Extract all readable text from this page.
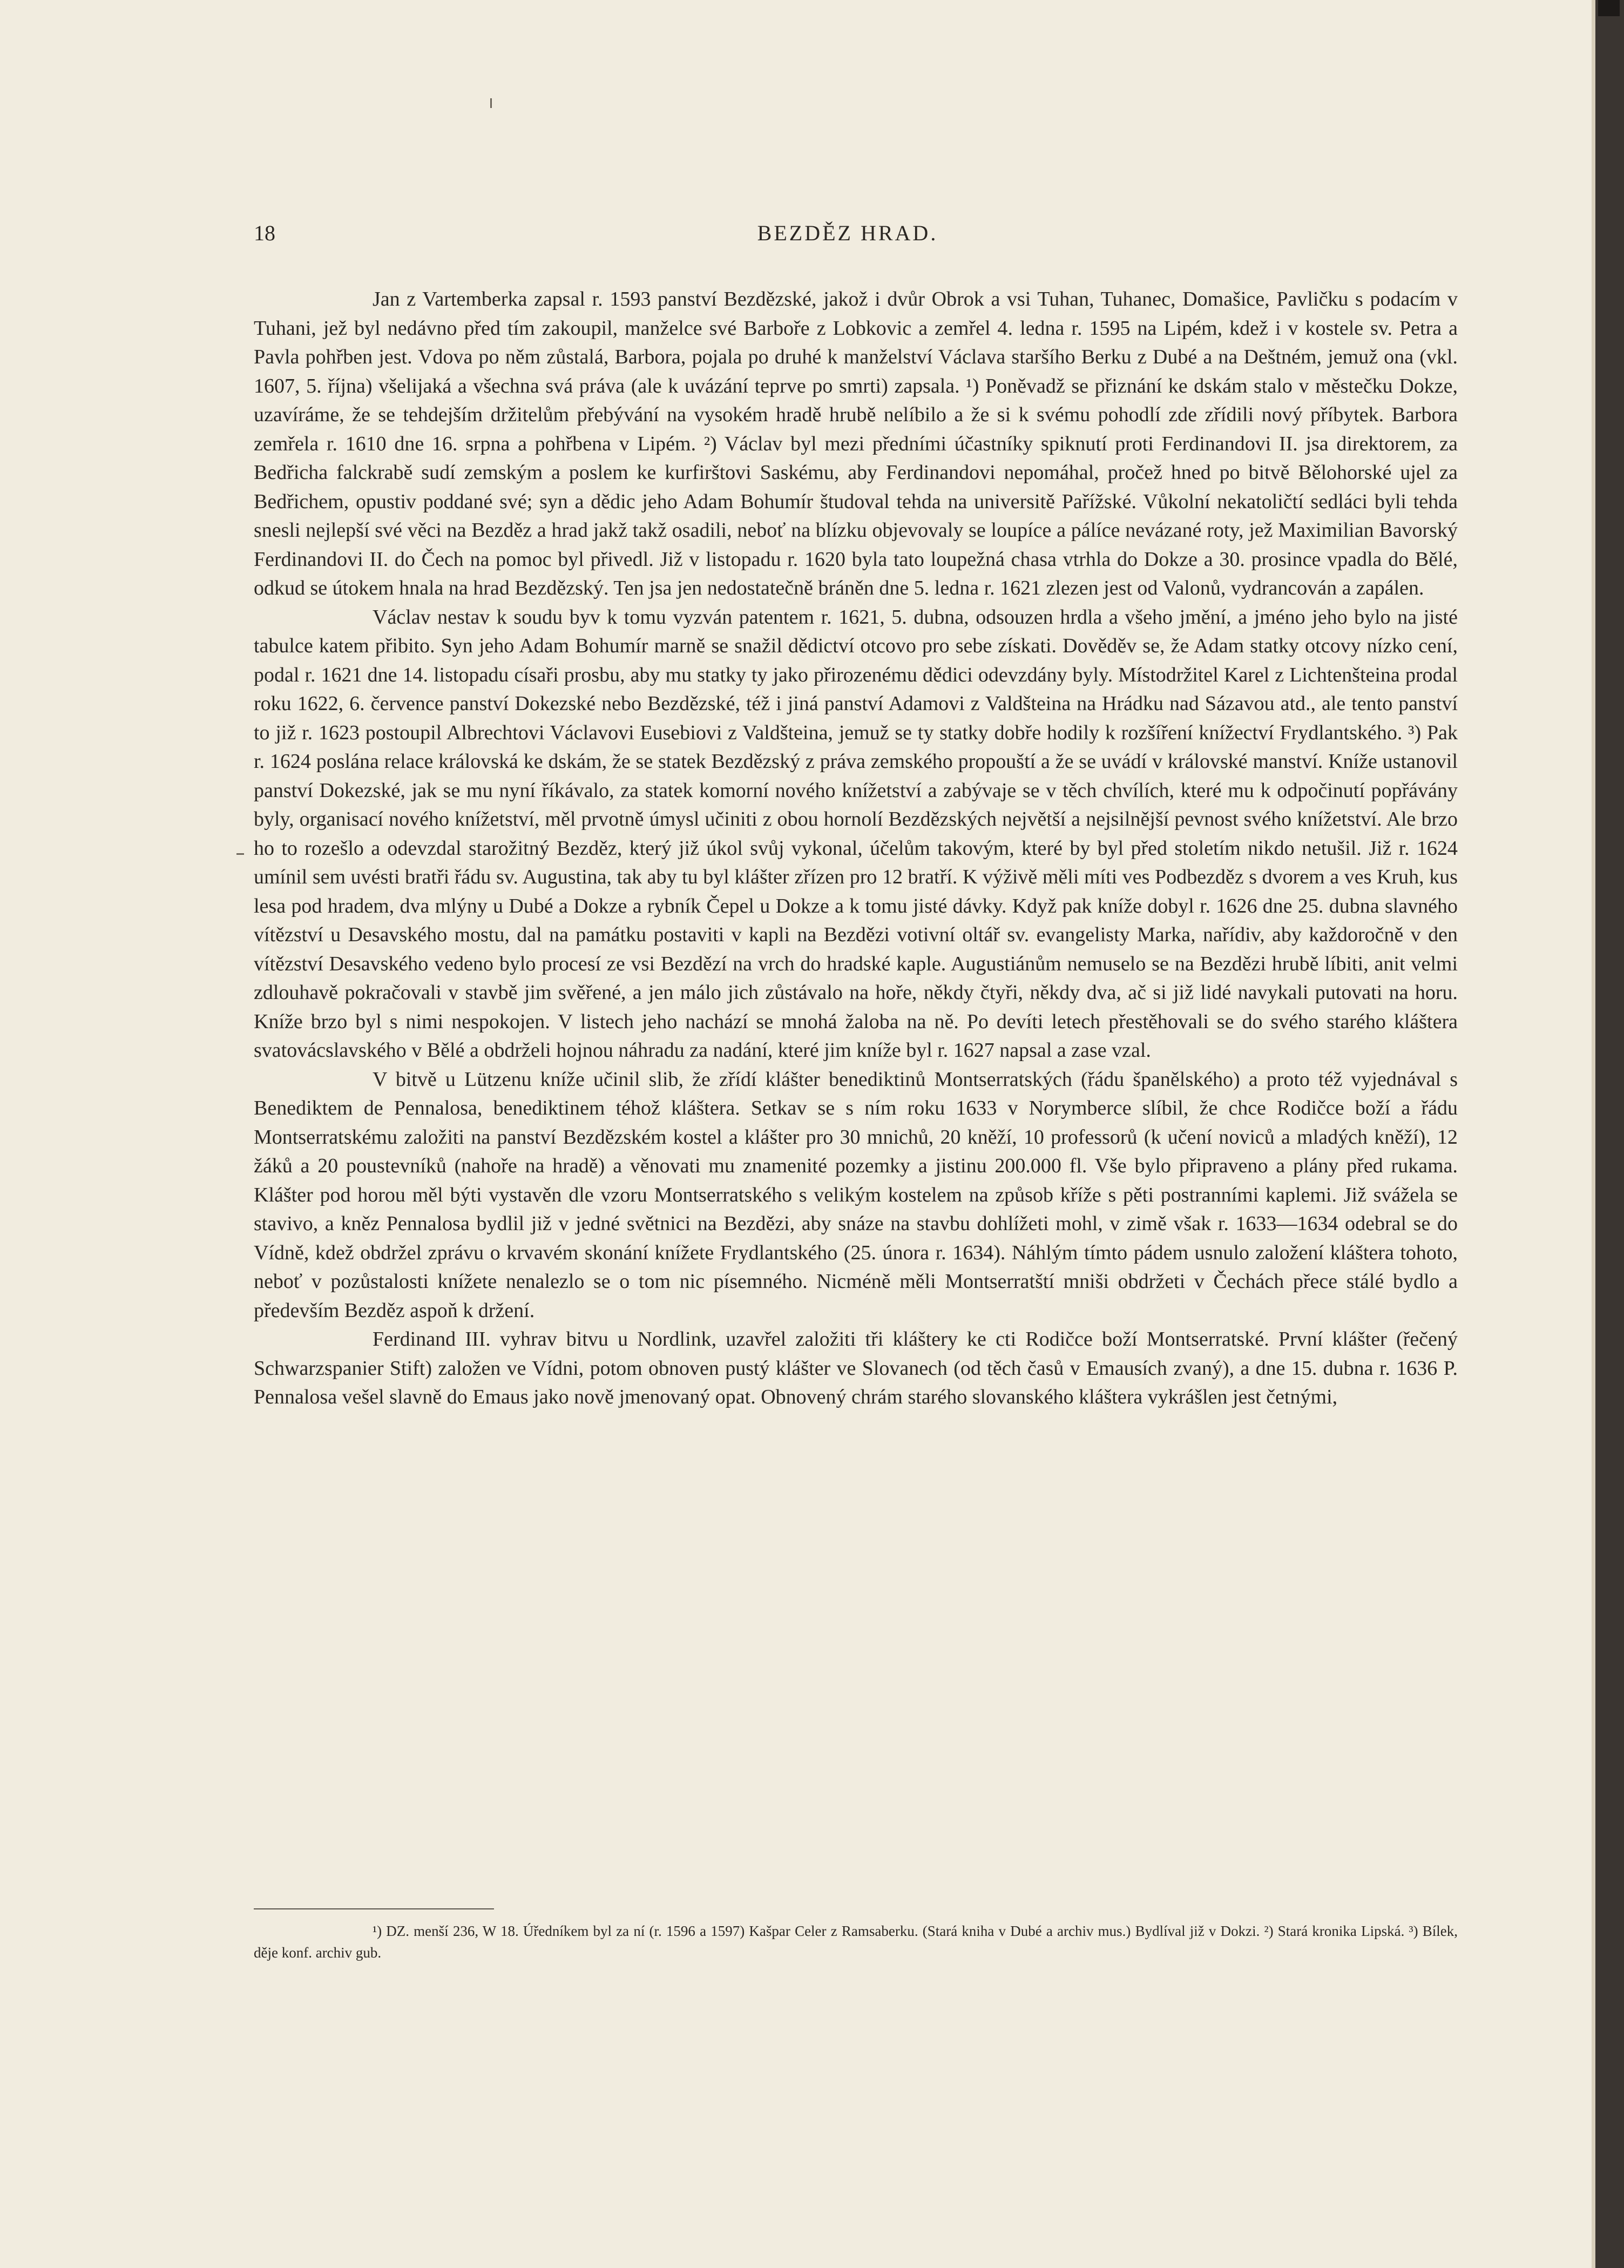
18	BEZDĚZ HRAD.

Jan z Vartemberka zapsal r. 1593 panství Bezdězské, jakož i dvůr Obrok a vsi Tuhan, Tuhanec, Domašice, Pavličku s podacím v Tuhani, jež byl nedávno před tím zakoupil, manželce své Barboře z Lobkovic a zemřel 4. ledna r. 1595 na Lipém, kdež i v kostele sv. Petra a Pavla pohřben jest. Vdova po něm zůstalá, Barbora, pojala po druhé k manželství Václava staršího Berku z Dubé a na Deštném, jemuž ona (vkl. 1607, 5. října) všelijaká a všechna svá práva (ale k uvázání teprve po smrti) zapsala. ¹) Poněvadž se přiznání ke dskám stalo v městečku Dokze, uzavíráme, že se tehdejším držitelům přebývání na vysokém hradě hrubě nelíbilo a že si k svému pohodlí zde zřídili nový příbytek. Barbora zemřela r. 1610 dne 16. srpna a pohřbena v Lipém. ²) Václav byl mezi předními účastníky spiknutí proti Ferdinandovi II. jsa direktorem, za Bedřicha falckrabě sudí zemským a poslem ke kurfirštovi Saskému, aby Ferdinandovi nepomáhal, pročež hned po bitvě Bělohorské ujel za Bedřichem, opustiv poddané své; syn a dědic jeho Adam Bohumír študoval tehda na universitě Pařížské. Vůkolní nekatoličtí sedláci byli tehda snesli nejlepší své věci na Bezděz a hrad jakž takž osadili, neboť na blízku objevovaly se loupíce a pálíce nevázané roty, jež Maximilian Bavorský Ferdinandovi II. do Čech na pomoc byl přivedl. Již v listopadu r. 1620 byla tato loupežná chasa vtrhla do Dokze a 30. prosince vpadla do Bělé, odkud se útokem hnala na hrad Bezdězský. Ten jsa jen nedostatečně bráněn dne 5. ledna r. 1621 zlezen jest od Valonů, vydrancován a zapálen.

Václav nestav k soudu byv k tomu vyzván patentem r. 1621, 5. dubna, odsouzen hrdla a všeho jmění, a jméno jeho bylo na jisté tabulce katem přibito. Syn jeho Adam Bohumír marně se snažil dědictví otcovo pro sebe získati. Dověděv se, že Adam statky otcovy nízko cení, podal r. 1621 dne 14. listopadu císaři prosbu, aby mu statky ty jako přirozenému dědici odevzdány byly. Místodržitel Karel z Lichtenšteina prodal roku 1622, 6. července panství Dokezské nebo Bezdězské, též i jiná panství Adamovi z Valdšteina na Hrádku nad Sázavou atd., ale tento panství to již r. 1623 postoupil Albrechtovi Václavovi Eusebiovi z Valdšteina, jemuž se ty statky dobře hodily k rozšíření knížectví Frydlantského. ³) Pak r. 1624 poslána relace královská ke dskám, že se statek Bezdězský z práva zemského propouští a že se uvádí v královské manství. Kníže ustanovil panství Dokezské, jak se mu nyní říkávalo, za statek komorní nového knížetství a zabývaje se v těch chvílích, které mu k odpočinutí popřávány byly, organisací nového knížetství, měl prvotně úmysl učiniti z obou hornolí Bezdězských největší a nejsilnější pevnost svého knížetství. Ale brzo ho to rozešlo a odevzdal starožitný Bezděz, který již úkol svůj vykonal, účelům takovým, které by byl před stoletím nikdo netušil. Již r. 1624 umínil sem uvésti bratři řádu sv. Augustina, tak aby tu byl klášter zřízen pro 12 bratří. K výživě měli míti ves Podbezděz s dvorem a ves Kruh, kus lesa pod hradem, dva mlýny u Dubé a Dokze a rybník Čepel u Dokze a k tomu jisté dávky. Když pak kníže dobyl r. 1626 dne 25. dubna slavného vítězství u Desavského mostu, dal na památku postaviti v kapli na Bezdězi votivní oltář sv. evangelisty Marka, nařídiv, aby každoročně v den vítězství Desavského vedeno bylo procesí ze vsi Bezdězí na vrch do hradské kaple. Augustiánům nemuselo se na Bezdězi hrubě líbiti, anit velmi zdlouhavě pokračovali v stavbě jim svěřené, a jen málo jich zůstávalo na hoře, někdy čtyři, někdy dva, ač si již lidé navykali putovati na horu. Kníže brzo byl s nimi nespokojen. V listech jeho nachází se mnohá žaloba na ně. Po devíti letech přestěhovali se do svého starého kláštera svatovácslavského v Bělé a obdrželi hojnou náhradu za nadání, které jim kníže byl r. 1627 napsal a zase vzal.

V bitvě u Lützenu kníže učinil slib, že zřídí klášter benediktinů Montserratských (řádu španělského) a proto též vyjednával s Benediktem de Pennalosa, benediktinem téhož kláštera. Setkav se s ním roku 1633 v Norymberce slíbil, že chce Rodičce boží a řádu Montserratskému založiti na panství Bezdězském kostel a klášter pro 30 mnichů, 20 kněží, 10 professorů (k učení noviců a mladých kněží), 12 žáků a 20 poustevníků (nahoře na hradě) a věnovati mu znamenité pozemky a jistinu 200.000 fl. Vše bylo připraveno a plány před rukama. Klášter pod horou měl býti vystavěn dle vzoru Montserratského s velikým kostelem na způsob kříže s pěti postranními kaplemi. Již svážela se stavivo, a kněz Pennalosa bydlil již v jedné světnici na Bezdězi, aby snáze na stavbu dohlížeti mohl, v zimě však r. 1633—1634 odebral se do Vídně, kdež obdržel zprávu o krvavém skonání knížete Frydlantského (25. února r. 1634). Náhlým tímto pádem usnulo založení kláštera tohoto, neboť v pozůstalosti knížete nenalezlo se o tom nic písemného. Nicméně měli Montserratští mniši obdržeti v Čechách přece stálé bydlo a především Bezděz aspoň k držení.

Ferdinand III. vyhrav bitvu u Nordlink, uzavřel založiti tři kláštery ke cti Rodičce boží Montserratské. První klášter (řečený Schwarzspanier Stift) založen ve Vídni, potom obnoven pustý klášter ve Slovanech (od těch časů v Emausích zvaný), a dne 15. dubna r. 1636 P. Pennalosa vešel slavně do Emaus jako nově jmenovaný opat. Obnovený chrám starého slovanského kláštera vykrášlen jest četnými,

¹) DZ. menší 236, W 18. Úředníkem byl za ní (r. 1596 a 1597) Kašpar Celer z Ramsaberku. (Stará kniha v Dubé a archiv mus.) Bydlíval již v Dokzi. ²) Stará kronika Lipská. ³) Bílek, děje konf. archiv gub.
